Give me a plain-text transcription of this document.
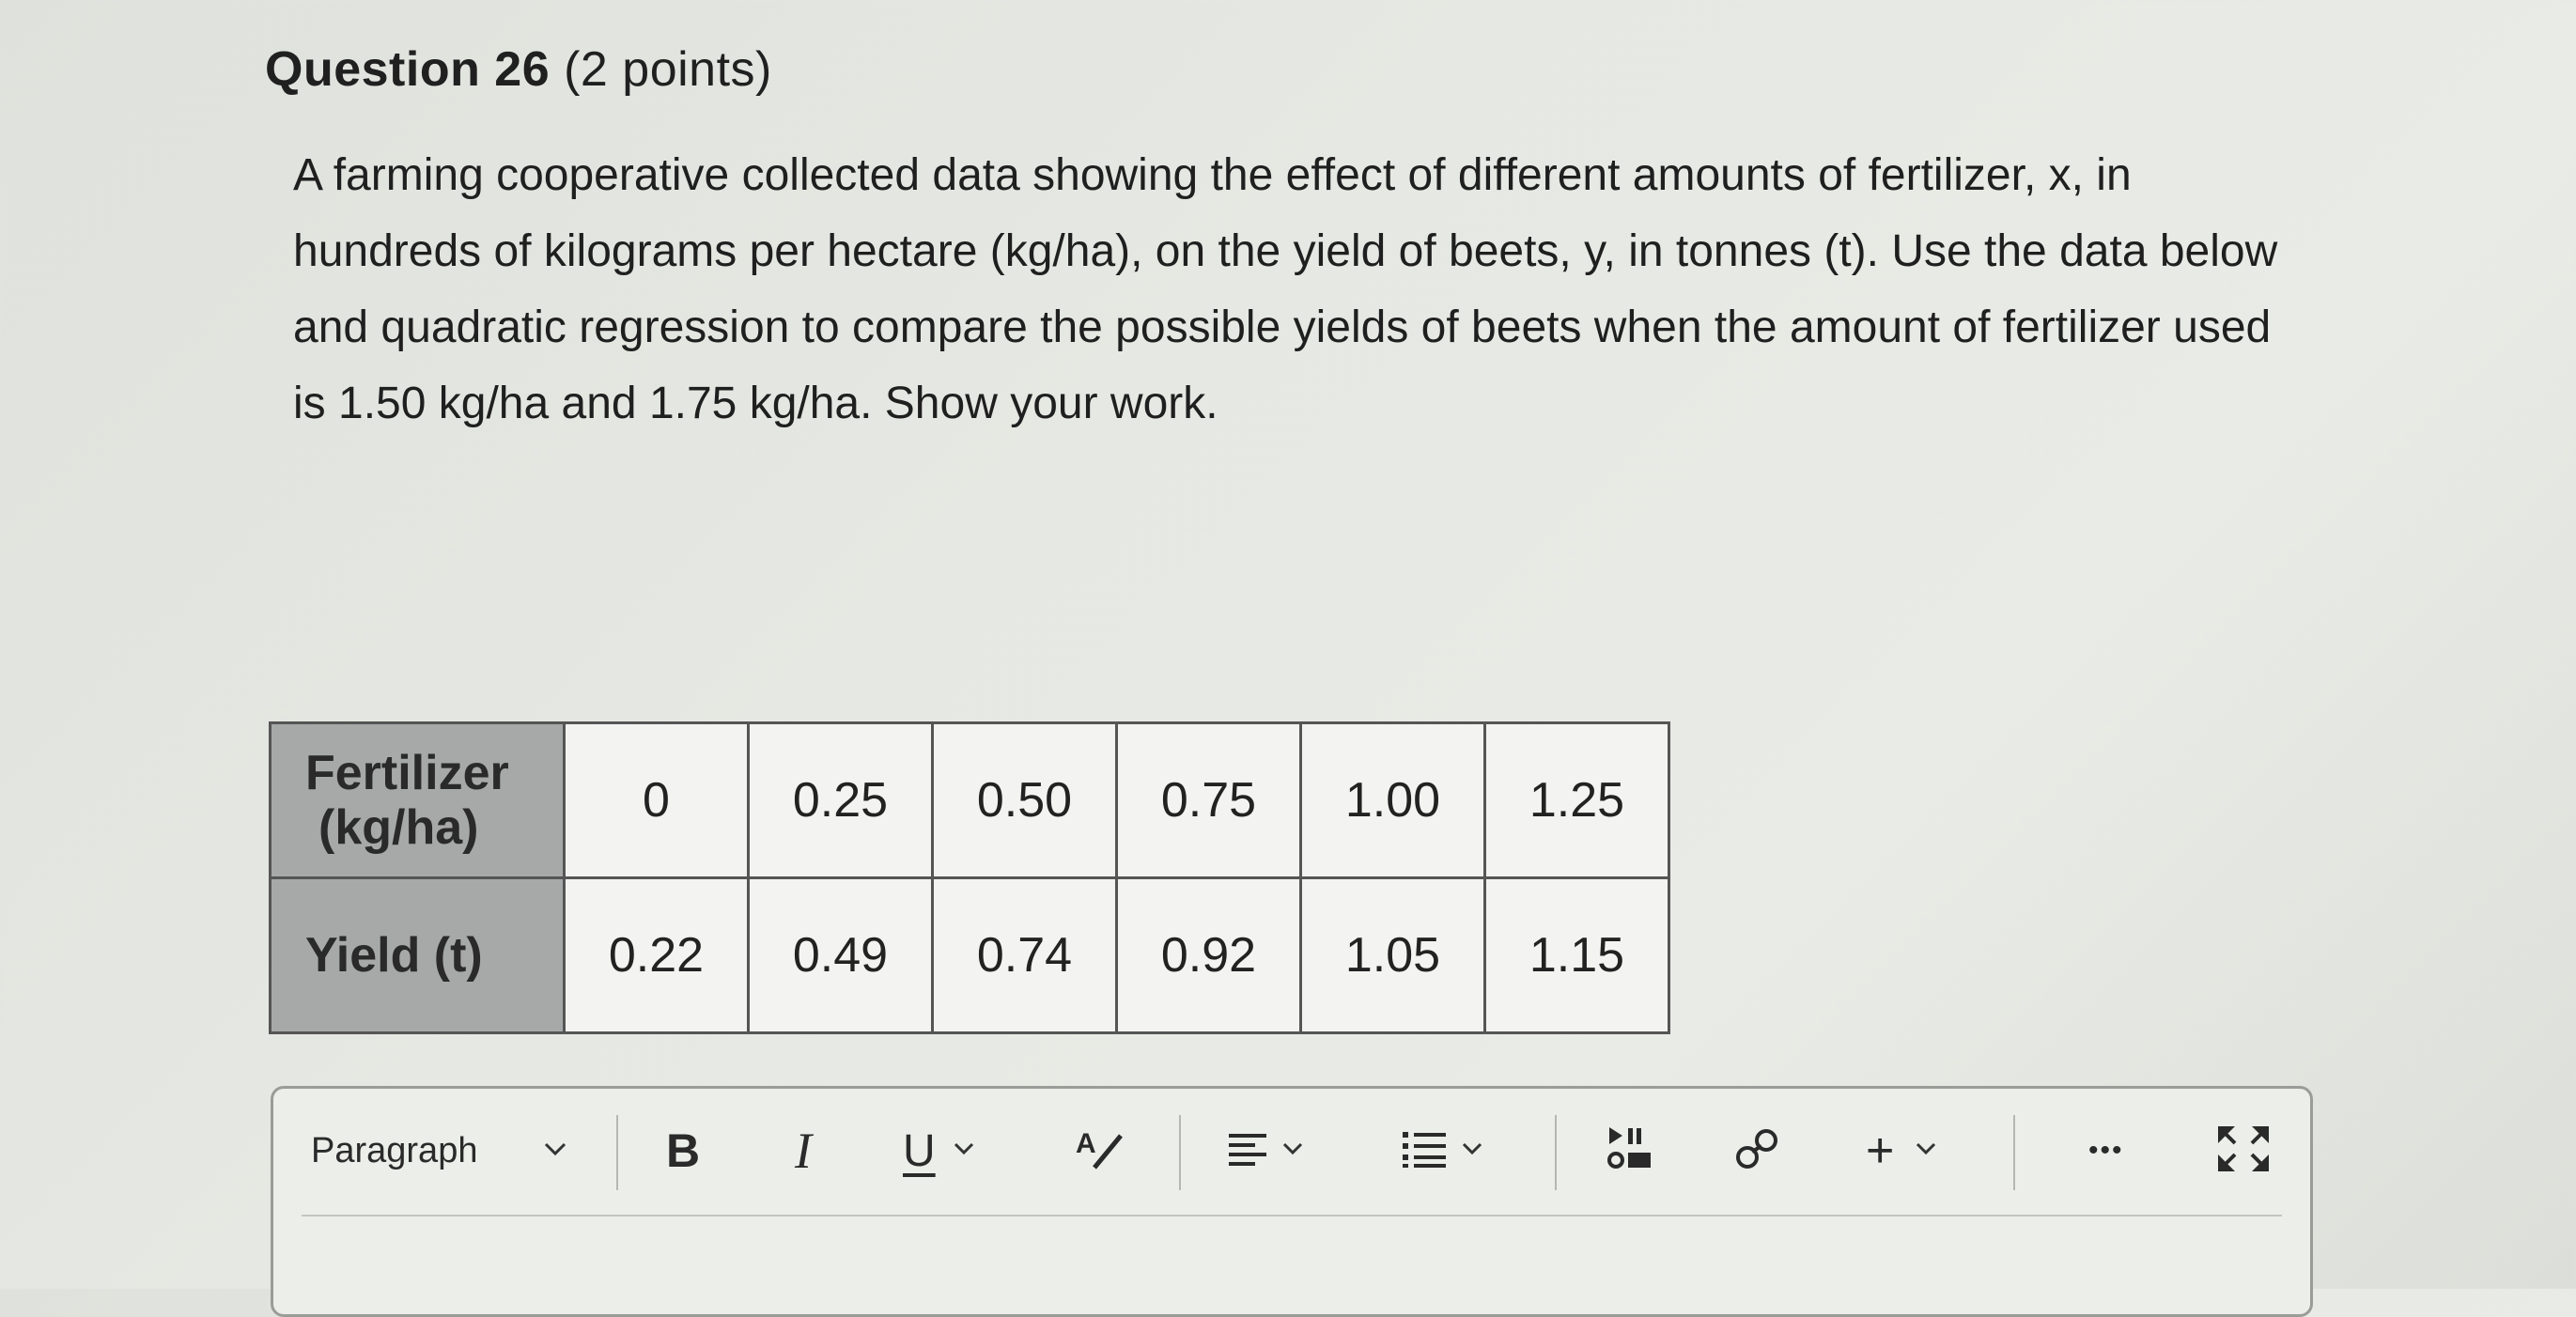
Question 26 (2 points)
A farming cooperative collected data showing the effect of different amounts of fertilizer, x, in hundreds of kilograms per hectare (kg/ha), on the yield of beets, y, in tonnes (t). Use the data below and quadratic regression to compare the possible yields of beets when the amount of fertilizer used is 1.50 kg/ha and 1.75 kg/ha. Show your work.
Fertilizer
(kg/ha)	0	0.25	0.50	0.75	1.00	1.25

Yield (t)	0.22	0.49	0.74	0.92	1.05	1.15
Paragraph	B I U	A	+	•••
